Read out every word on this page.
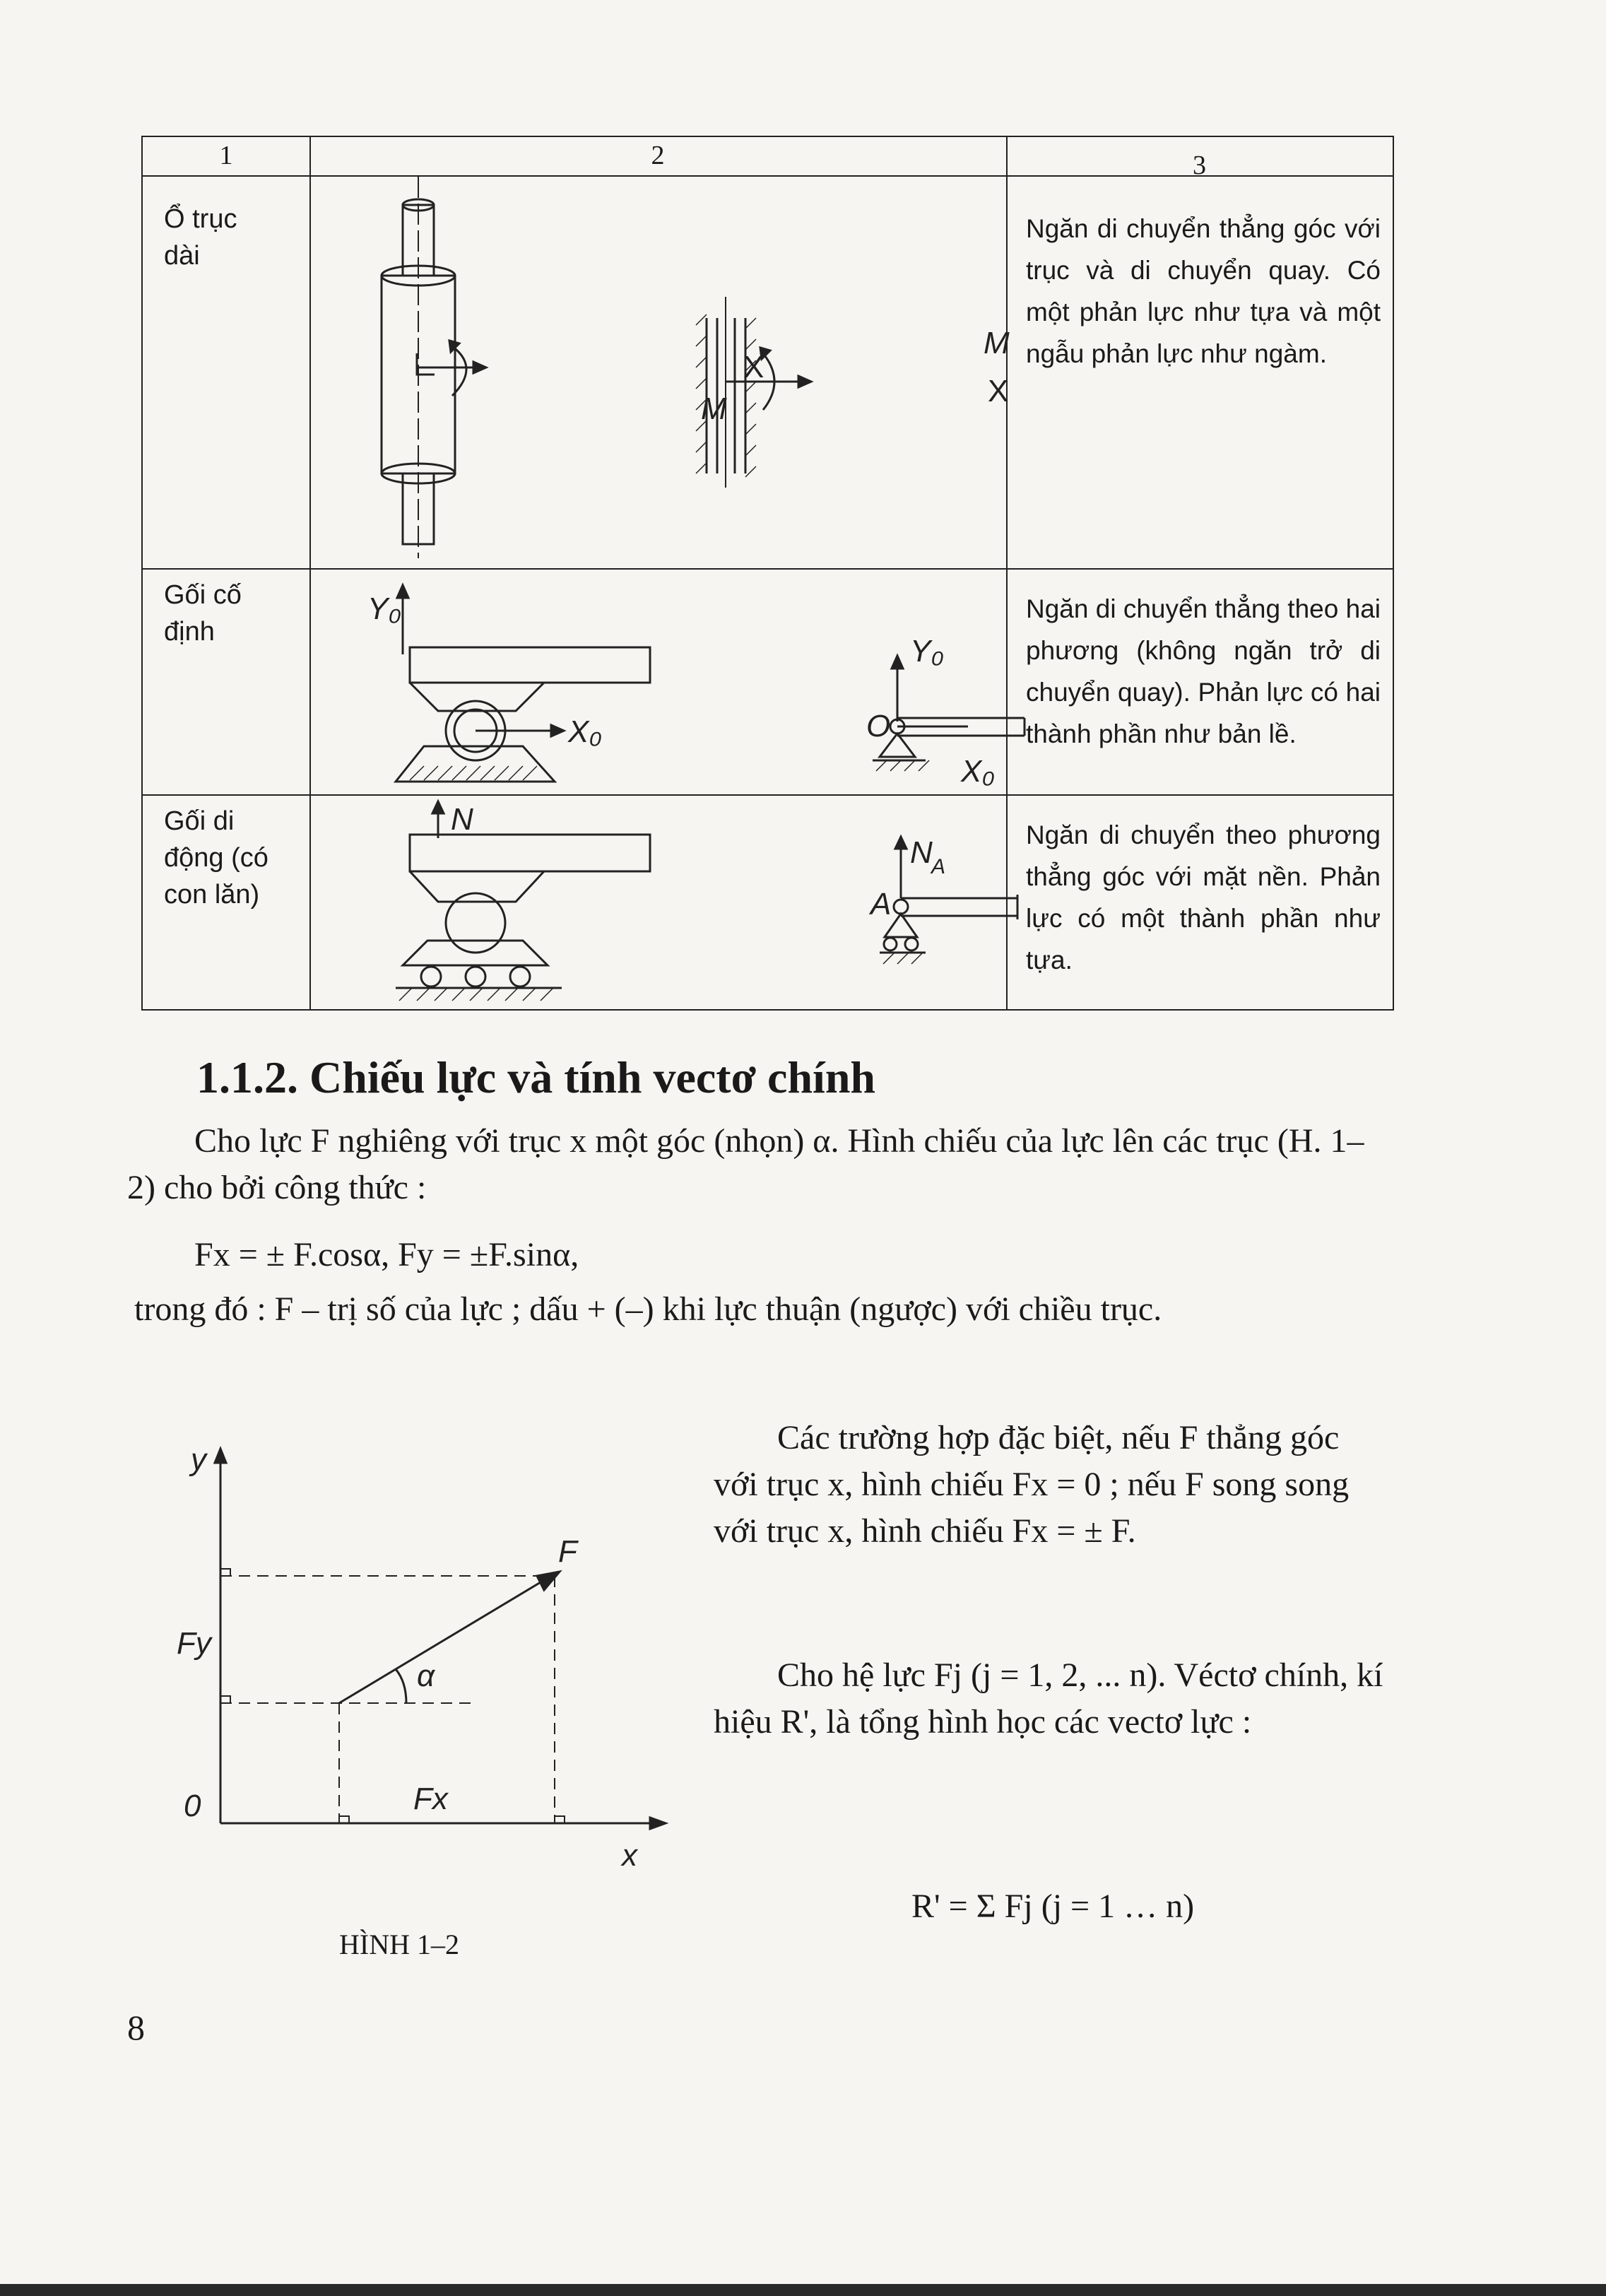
1	2	3
Ổ trục
dài
Ngăn di chuyển thẳng góc với trục và di chuyển quay. Có một phản lực như tựa và một ngẫu phản lực như ngàm.
X
M
M
X
Gối cố
định
Ngăn di chuyển thẳng theo hai phương (không ngăn trở di chuyển quay). Phản lực có hai thành phần như bản lề.
Y₀
X₀
Y₀
O
X₀
Gối di
động (có
con lăn)
Ngăn di chuyển theo phương thẳng góc với mặt nền. Phản lực có một thành phần như tựa.
N
N
A
A
1.1.2. Chiếu lực và tính vectơ chính
Cho lực F nghiêng với trục x một góc (nhọn) α. Hình chiếu của lực lên các trục (H. 1–2) cho bởi công thức :
Fx = ± F.cosα, Fy = ±F.sinα,
trong đó : F – trị số của lực ; dấu + (–) khi lực thuận (ngược) với chiều trục.
y
x
0
F
Fy
Fx
α
HÌNH 1–2
Các trường hợp đặc biệt, nếu F thẳng góc với trục x, hình chiếu Fx = 0 ; nếu F song song với trục x, hình chiếu Fx = ± F.
Cho hệ lực Fj (j = 1, 2, ... n). Véctơ chính, kí hiệu R', là tổng hình học các vectơ lực :
R' = Σ Fj (j = 1 … n)
8
